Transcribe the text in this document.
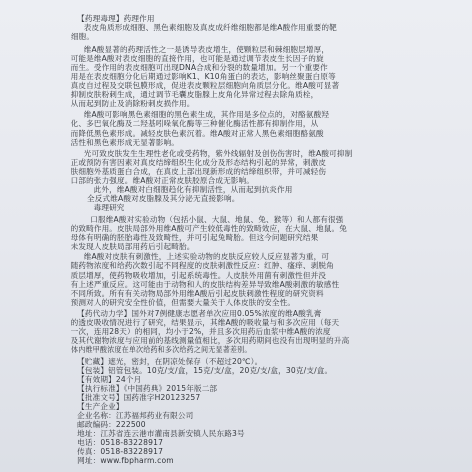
【药理毒理】药理作用
表皮角质形成细胞、黑色素细胞及真皮成纤维细胞都是维A酸作用重要的靶
细胞。
维A酸显著的药理活性之一是诱导表皮增生，使颗粒层和棘细胞层增厚，
可能是维A酸对表皮细胞的直接作用，也可能是通过调节表皮生长因子的旋
而生。受作用的表皮细胞可出现DNA合成和分裂的数量增加。另一个重要作
用是在表皮细胞分化后期通过影响K1、K10角蛋白的表达，影响丝聚蛋白原等
真皮自过程及交联包膜形成，促进表皮颗粒层细胞向角质层分化。维A酸可显著
抑制皮肤粉刺生成，通过调节毛囊皮脂腺上皮角化异常过程去除角质栓，
从而起到防止及消除粉刺皮损作用。
维A酸可影响黑色素细胞的黑色素生成，其作用是多位点的，对酪氨酸羟
化、多巴氧化酶及二羟基吲哚氧化酶等三种催化酶活性都有抑制作用，从
而降低黑色素形成。减轻皮肤色素沉着。维A酸对正常人黑色素细胞酪氨酸
活性和黑色素形成无显著影响。
光可致皮肤发生生理性老化或受药物，紫外线辐射及创伤伤害时，维A酸可抑制
正或预防有害因素对真皮结缔组织生化成分及形态结构引起的异常，刺激皮
肤细胞外基质蛋白合成，在真皮上部出现新形成的结缔组织带，并可减轻伤
口部的张力强度。维A酸对正常皮肤胶原合成无影响。
此外，维A酸对白细胞趋化有抑制活性，从而起到抗炎作用
全反式维A酸对皮脂腺及其分泌无直接影响。
毒理研究
口服维A酸对实验动物（包括小鼠、大鼠、地鼠、兔、猴等）和人都有很强
的致畸作用。皮肤局部外用维A酸可产生较低毒性的致畸效应，在大鼠、地鼠。兔
母体有明确的胚胎毒性及致畸性，并可引起兔畸胎。但这今问题研究结果
未发现人皮肤局部用药后引起畸胎。
维A酸对皮肤有刺激性，上述实验动物的皮肤反应较人反应显著为重，可
随药物浓度和给药次数引起不同程度的皮肤刺激性反应：红肿、瘙痒、剥脱角
质层增厚，使药物吸收增加，引起系统毒性。人皮肤外用菌有刺激性但并没
有上述严重反应。这可能由于动物和人的皮肤结构差异导致维A酸刺激的敏感性
不同所致。所有有关动物局部外用维A酸后引起皮肤刺激性程度的研究资料
预测对人的研究安全性价值，但需要大量关于人体皮肤的安全性。
【药代动力学】国外对7例健康志愿者单次应用0.05%浓度的维A酸乳膏
的透皮吸收情况进行了研究，结果显示，其维A酸的吸收量与和多次应用（每天
一次，连用28天）的相同，均小于2%，并且多次用药后血浆中维A酸的浓度
及其代谢物浓度与应用前的基线测量值相比，多次用药期间也没有出现明显的升高
体内维甲酸浓度在单次给药和多次给药之间无显著差别。
【贮藏】遮光，密封，在阴凉处保存（不超过20℃）。
【包装】铝管包装。10克/支/盒，15克/支/盒，20克/支/盒，30克/支/盒。
【有效期】24个月
【执行标准】《中国药典》2015年版二部
【批准文号】国药准字H20123257
【生产企业】
企业名称：江苏福邦药业有限公司
邮政编码：222500
地址：江苏省连云港市灌南县新安镇人民东路3号
电话：0518-83228917
传真：0518-83228917
网址：www.fbpharm.com
